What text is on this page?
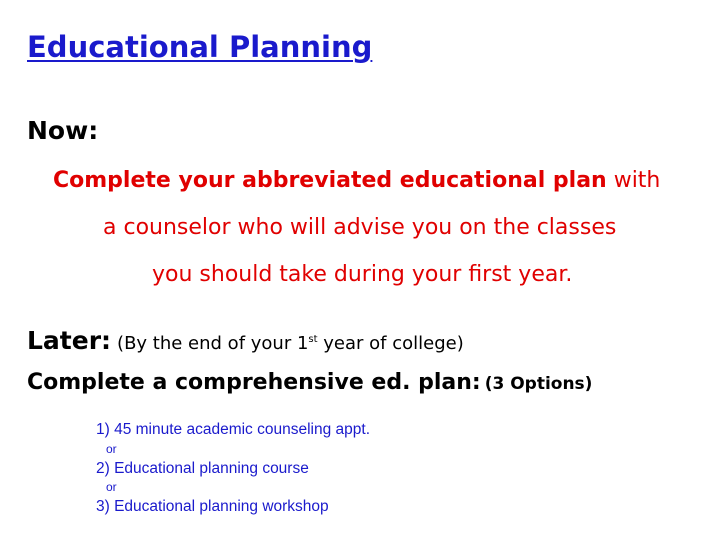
Educational Planning
Now:
Complete your abbreviated educational plan with
a counselor who will advise you on the classes
you should take during your first year.
Later: (By the end of your 1st year of college)
Complete a comprehensive ed. plan: (3 Options)
1) 45 minute academic counseling appt.
or
2) Educational planning course
or
3) Educational planning workshop
